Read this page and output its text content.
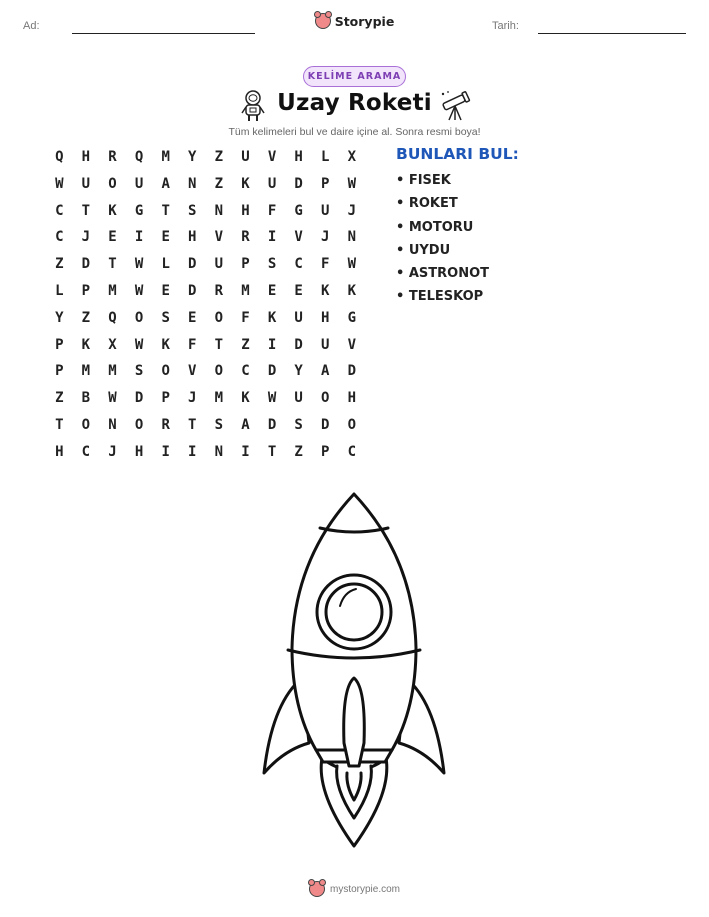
Ad:	Tarih:
Storypie
KELİME ARAMA
Uzay Roketi
Tüm kelimeleri bul ve daire içine al. Sonra resmi boya!
Q	H	R	Q	M	Y	Z	U	V	H	L	X
W	U	O	U	A	N	Z	K	U	D	P	W
C	T	K	G	T	S	N	H	F	G	U	J
C	J	E	I	E	H	V	R	I	V	J	N
Z	D	T	W	L	D	U	P	S	C	F	W
L	P	M	W	E	D	R	M	E	E	K	K
Y	Z	Q	O	S	E	O	F	K	U	H	G
P	K	X	W	K	F	T	Z	I	D	U	V
P	M	M	S	O	V	O	C	D	Y	A	D
Z	B	W	D	P	J	M	K	W	U	O	H
T	O	N	O	R	T	S	A	D	S	D	O
H	C	J	H	I	I	N	I	T	Z	P	C
BUNLARI BUL:
• FISEK
• ROKET
• MOTORU
• UYDU
• ASTRONOT
• TELESKOP
mystorypie.com
